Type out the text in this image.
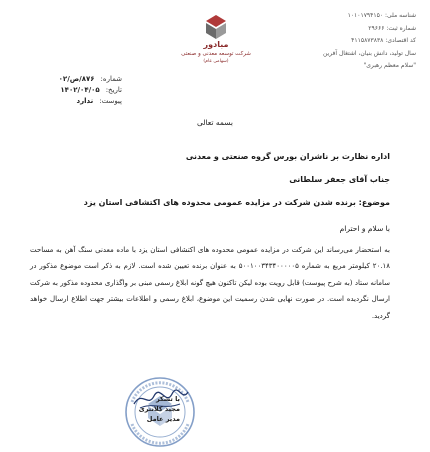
شناسه ملی: ۱۰۱۰۱۷۹۴۱۵۰
شماره ثبت: ۲۹۶۶۶
کد اقتصادی: ۴۱۱۵۸۷۳۸۳۸
سال تولید، دانش بنیان، اشتغال آفرین
"سلام معظم رهبری"
مبادور
شرکت توسعه معدنی و صنعتی
(سهامی عام)
شماره:
۸۷۶/ص/۰۲
تاریخ:
۱۴۰۲/۰۴/۰۵
پیوست:
ندارد
بسمه تعالی
اداره نظارت بر ناشران بورس گروه صنعتی و معدنی
جناب آقای جعفر سلطانی
موضوع: برنده شدن شرکت در مزایده عمومی محدوده های اکتشافی استان یزد
با سلام و احترام
به استحضار می‌رساند این شرکت در مزایده عمومی محدوده های اکتشافی استان یزد با ماده معدنی سنگ آهن به مساحت ۲۰.۱۸ کیلومتر مربع به شماره ۵۰۰۱۰۰۳۴۳۴۰۰۰۰۰۵ به عنوان برنده تعیین شده است. لازم به ذکر است موضوع مذکور در سامانه ستاد (به شرح پیوست) قابل رویت بوده لیکن تاکنون هیچ گونه ابلاغ رسمی مبنی بر واگذاری محدوده مذکور به شرکت ارسال نگردیده است. در صورت نهایی شدن رسمیت این موضوع، ابلاغ رسمی و اطلاعات بیشتر جهت اطلاع ارسال خواهد گردید.
با تشکر
مجید کلانتری
مدیر عامل
